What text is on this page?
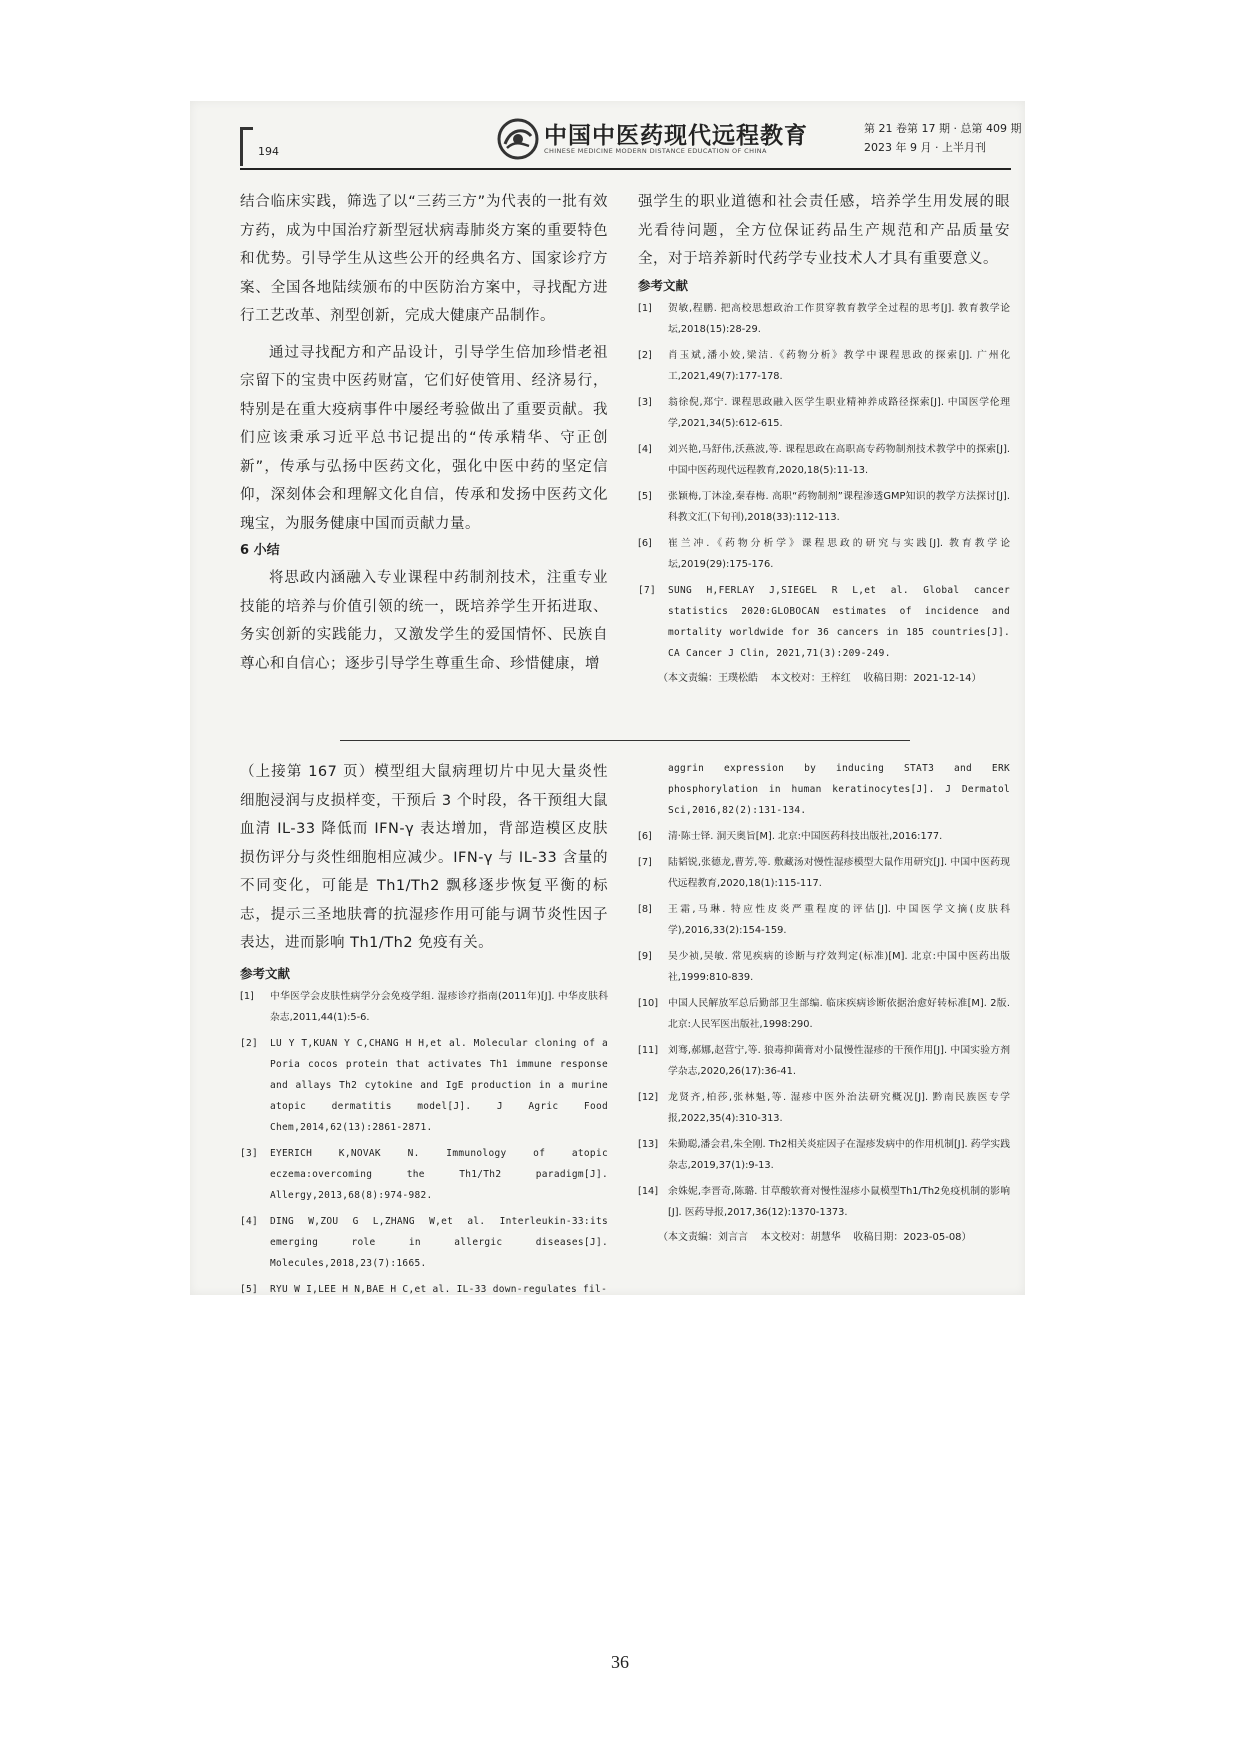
194
中国中医药现代远程教育
CHINESE MEDICINE MODERN DISTANCE EDUCATION OF CHINA
第 21 卷第 17 期 · 总第 409 期
2023 年 9 月 · 上半月刊

结合临床实践，筛选了以“三药三方”为代表的一批有效方药，成为中国治疗新型冠状病毒肺炎方案的重要特色和优势。引导学生从这些公开的经典名方、国家诊疗方案、全国各地陆续颁布的中医防治方案中，寻找配方进行工艺改革、剂型创新，完成大健康产品制作。

通过寻找配方和产品设计，引导学生倍加珍惜老祖宗留下的宝贵中医药财富，它们好使管用、经济易行，特别是在重大疫病事件中屡经考验做出了重要贡献。我们应该秉承习近平总书记提出的“传承精华、守正创新”，传承与弘扬中医药文化，强化中医中药的坚定信仰，深刻体会和理解文化自信，传承和发扬中医药文化瑰宝，为服务健康中国而贡献力量。

6 小结

将思政内涵融入专业课程中药制剂技术，注重专业技能的培养与价值引领的统一，既培养学生开拓进取、务实创新的实践能力，又激发学生的爱国情怀、民族自尊心和自信心；逐步引导学生尊重生命、珍惜健康，增

强学生的职业道德和社会责任感，培养学生用发展的眼光看待问题，全方位保证药品生产规范和产品质量安全，对于培养新时代药学专业技术人才具有重要意义。

参考文献
[1] 贺敏,程鹏. 把高校思想政治工作贯穿教育教学全过程的思考[J]. 教育教学论坛,2018(15):28-29.
[2] 肖玉斌,潘小姣,梁洁.《药物分析》教学中课程思政的探索[J]. 广州化工,2021,49(7):177-178.
[3] 翁徐倪,郑宁. 课程思政融入医学生职业精神养成路径探索[J]. 中国医学伦理学,2021,34(5):612-615.
[4] 刘兴艳,马舒伟,沃燕波,等. 课程思政在高职高专药物制剂技术教学中的探索[J]. 中国中医药现代远程教育,2020,18(5):11-13.
[5] 张颖梅,丁沐淦,秦春梅. 高职“药物制剂”课程渗透GMP知识的教学方法探讨[J]. 科教文汇(下旬刊),2018(33):112-113.
[6] 崔兰冲.《药物分析学》课程思政的研究与实践[J]. 教育教学论坛,2019(29):175-176.
[7] SUNG H,FERLAY J,SIEGEL R L,et al. Global cancer statistics 2020:GLOBOCAN estimates of incidence and mortality worldwide for 36 cancers in 185 countries[J]. CA Cancer J Clin, 2021,71(3):209-249.
（本文责编：王璞松皓    本文校对：王梓红    收稿日期：2021-12-14）

（上接第 167 页）模型组大鼠病理切片中见大量炎性细胞浸润与皮损样变，干预后 3 个时段，各干预组大鼠血清 IL-33 降低而 IFN-γ 表达增加，背部造模区皮肤损伤评分与炎性细胞相应减少。IFN-γ 与 IL-33 含量的不同变化，可能是 Th1/Th2 飘移逐步恢复平衡的标志，提示三圣地肤膏的抗湿疹作用可能与调节炎性因子表达，进而影响 Th1/Th2 免疫有关。

参考文献
[1] 中华医学会皮肤性病学分会免疫学组. 湿疹诊疗指南(2011年)[J]. 中华皮肤科杂志,2011,44(1):5-6.
[2] LU Y T,KUAN Y C,CHANG H H,et al. Molecular cloning of a Poria cocos protein that activates Th1 immune response and allays Th2 cytokine and IgE production in a murine atopic dermatitis model[J]. J Agric Food Chem,2014,62(13):2861-2871.
[3] EYERICH K,NOVAK N. Immunology of atopic eczema:overcoming the Th1/Th2 paradigm[J]. Allergy,2013,68(8):974-982.
[4] DING W,ZOU G L,ZHANG W,et al. Interleukin-33:its emerging role in allergic diseases[J]. Molecules,2018,23(7):1665.
[5] RYU W I,LEE H N,BAE H C,et al. IL-33 down-regulates fil-
aggrin expression by inducing STAT3 and ERK phosphorylation in human keratinocytes[J]. J Dermatol Sci,2016,82(2):131-134.
[6] 清·陈士铎. 洞天奥旨[M]. 北京:中国医药科技出版社,2016:177.
[7] 陆韬锐,张德龙,曹芳,等. 敷藏汤对慢性湿疹模型大鼠作用研究[J]. 中国中医药现代远程教育,2020,18(1):115-117.
[8] 王霜,马琳. 特应性皮炎严重程度的评估[J]. 中国医学文摘(皮肤科学),2016,33(2):154-159.
[9] 吴少祯,吴敏. 常见疾病的诊断与疗效判定(标准)[M]. 北京:中国中医药出版社,1999:810-839.
[10] 中国人民解放军总后勤部卫生部编. 临床疾病诊断依据治愈好转标准[M]. 2版. 北京:人民军医出版社,1998:290.
[11] 刘骞,郝娜,赵营宁,等. 狼毒抑菌膏对小鼠慢性湿疹的干预作用[J]. 中国实验方剂学杂志,2020,26(17):36-41.
[12] 龙贤齐,柏莎,张林魁,等. 湿疹中医外治法研究概况[J]. 黔南民族医专学报,2022,35(4):310-313.
[13] 朱勤聪,潘会君,朱全刚. Th2相关炎症因子在湿疹发病中的作用机制[J]. 药学实践杂志,2019,37(1):9-13.
[14] 余姝妮,李晋奇,陈璐. 甘草酸软膏对慢性湿疹小鼠模型Th1/Th2免疫机制的影响[J]. 医药导报,2017,36(12):1370-1373.
（本文责编：刘言言    本文校对：胡慧华    收稿日期：2023-05-08）
36
